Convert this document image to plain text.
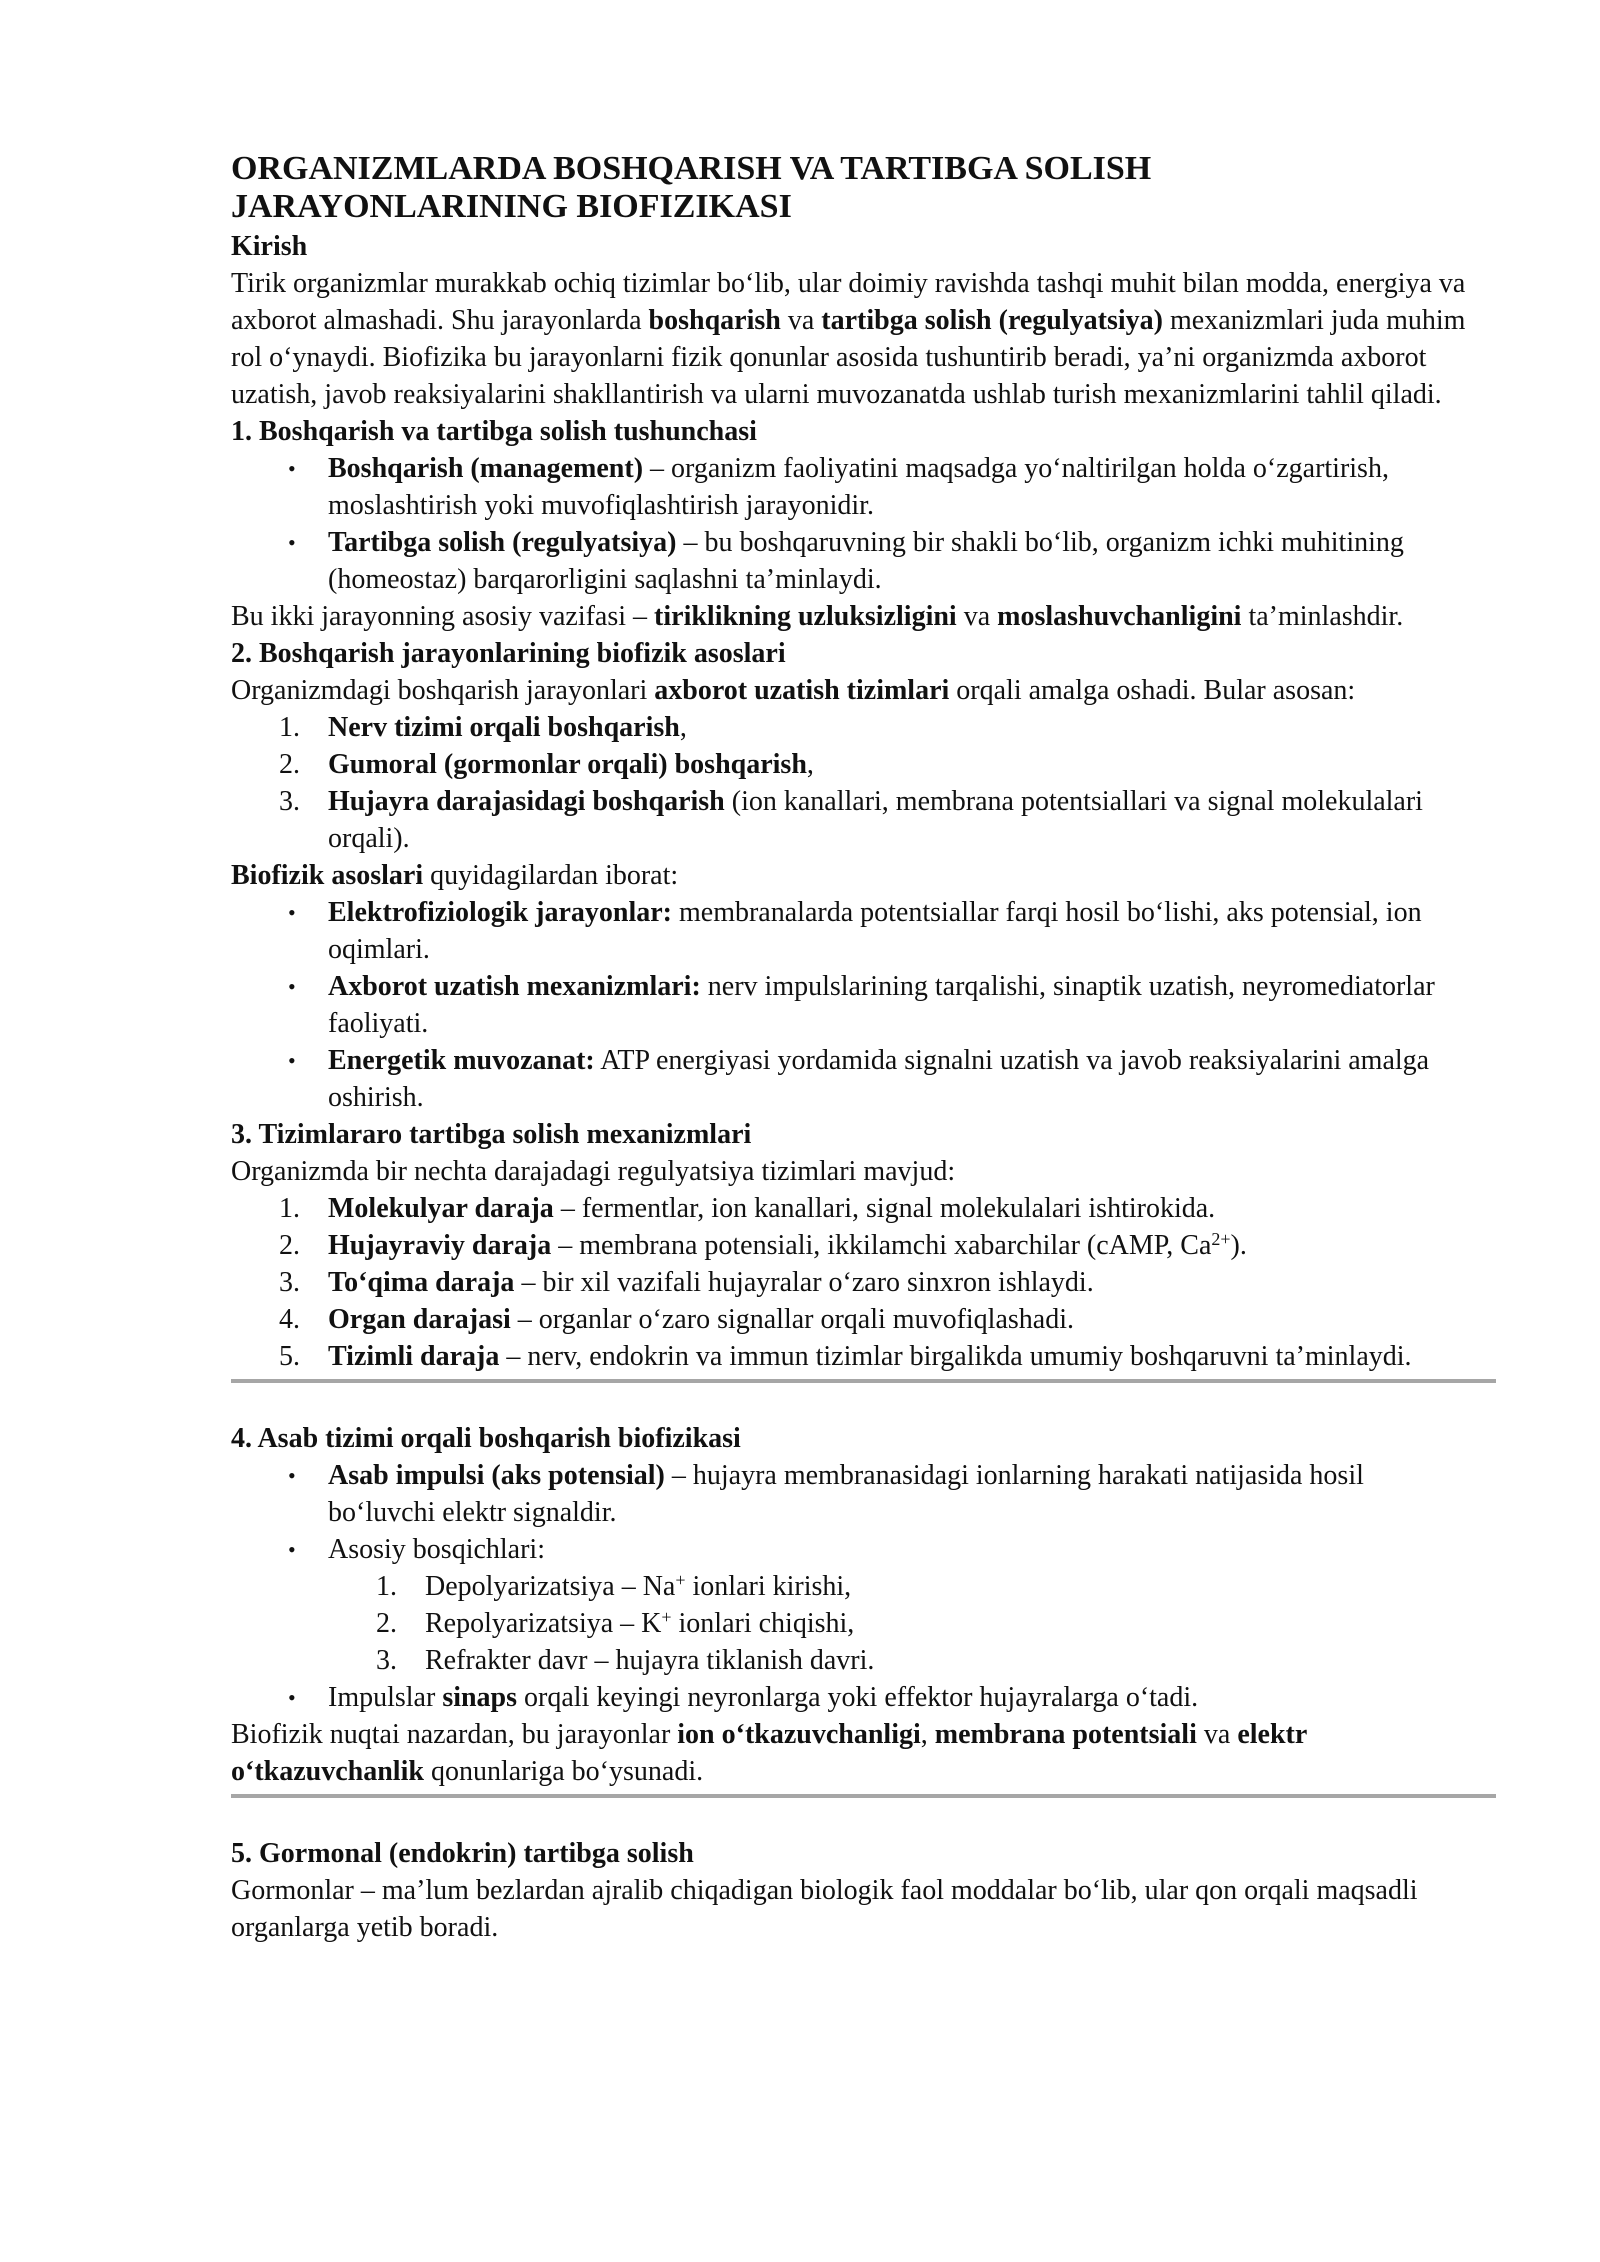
ORGANIZMLARDA BOSHQARISH VA TARTIBGA SOLISH
JARAYONLARINING BIOFIZIKASI
Kirish

Tirik organizmlar murakkab ochiq tizimlar bo‘lib, ular doimiy ravishda tashqi muhit bilan modda, energiya va axborot almashadi. Shu jarayonlarda boshqarish va tartibga solish (regulyatsiya) mexanizmlari juda muhim rol o‘ynaydi. Biofizika bu jarayonlarni fizik qonunlar asosida tushuntirib beradi, ya’ni organizmda axborot uzatish, javob reaksiyalarini shakllantirish va ularni muvozanatda ushlab turish mexanizmlarini tahlil qiladi.

1. Boshqarish va tartibga solish tushunchasi
• Boshqarish (management) – organizm faoliyatini maqsadga yo‘naltirilgan holda o‘zgartirish, moslashtirish yoki muvofiqlashtirish jarayonidir.
• Tartibga solish (regulyatsiya) – bu boshqaruvning bir shakli bo‘lib, organizm ichki muhitining (homeostaz) barqarorligini saqlashni ta’minlaydi.

Bu ikki jarayonning asosiy vazifasi – tiriklikning uzluksizligini va moslashuvchanligini ta’minlashdir.

2. Boshqarish jarayonlarining biofizik asoslari

Organizmdagi boshqarish jarayonlari axborot uzatish tizimlari orqali amalga oshadi. Bular asosan:

1. Nerv tizimi orqali boshqarish,
2. Gumoral (gormonlar orqali) boshqarish,
3. Hujayra darajasidagi boshqarish (ion kanallari, membrana potentsiallari va signal molekulalari orqali).

Biofizik asoslari quyidagilardan iborat:

• Elektrofiziologik jarayonlar: membranalarda potentsiallar farqi hosil bo‘lishi, aks potensial, ion oqimlari.
• Axborot uzatish mexanizmlari: nerv impulslarining tarqalishi, sinaptik uzatish, neyromediatorlar faoliyati.
• Energetik muvozanat: ATP energiyasi yordamida signalni uzatish va javob reaksiyalarini amalga oshirish.
3. Tizimlararo tartibga solish mexanizmlari

Organizmda bir nechta darajadagi regulyatsiya tizimlari mavjud:

1. Molekulyar daraja – fermentlar, ion kanallari, signal molekulalari ishtirokida.
2. Hujayraviy daraja – membrana potensiali, ikkilamchi xabarchilar (cAMP, $Ca^{2+}$).
3. To‘qima daraja – bir xil vazifali hujayralar o‘zaro sinxron ishlaydi.
4. Organ darajasi – organlar o‘zaro signallar orqali muvofiqlashadi.
5. Tizimli daraja – nerv, endokrin va immun tizimlar birgalikda umumiy boshqaruvni ta’minlaydi.
4. Asab tizimi orqali boshqarish biofizikasi
• Asab impulsi (aks potensial) – hujayra membranasidagi ionlarning harakati natijasida hosil bo‘luvchi elektr signaldir.
• Asosiy bosqichlari:
1. Depolyarizatsiya – Na+ ionlari kirishi,
2. Repolyarizatsiya – K+ ionlari chiqishi,
3. Refrakter davr – hujayra tiklanish davri.
• Impulslar sinaps orqali keyingi neyronlarga yoki effektor hujayralarga o‘tadi.

Biofizik nuqtai nazardan, bu jarayonlar ion o‘tkazuvchanligi, membrana potentsiali va elektr o‘tkazuvchanlik qonunlariga bo‘ysunadi.

5. Gormonal (endokrin) tartibga solish

Gormonlar – ma’lum bezlardan ajralib chiqadigan biologik faol moddalar bo‘lib, ular qon orqali maqsadli organlarga yetib boradi.
